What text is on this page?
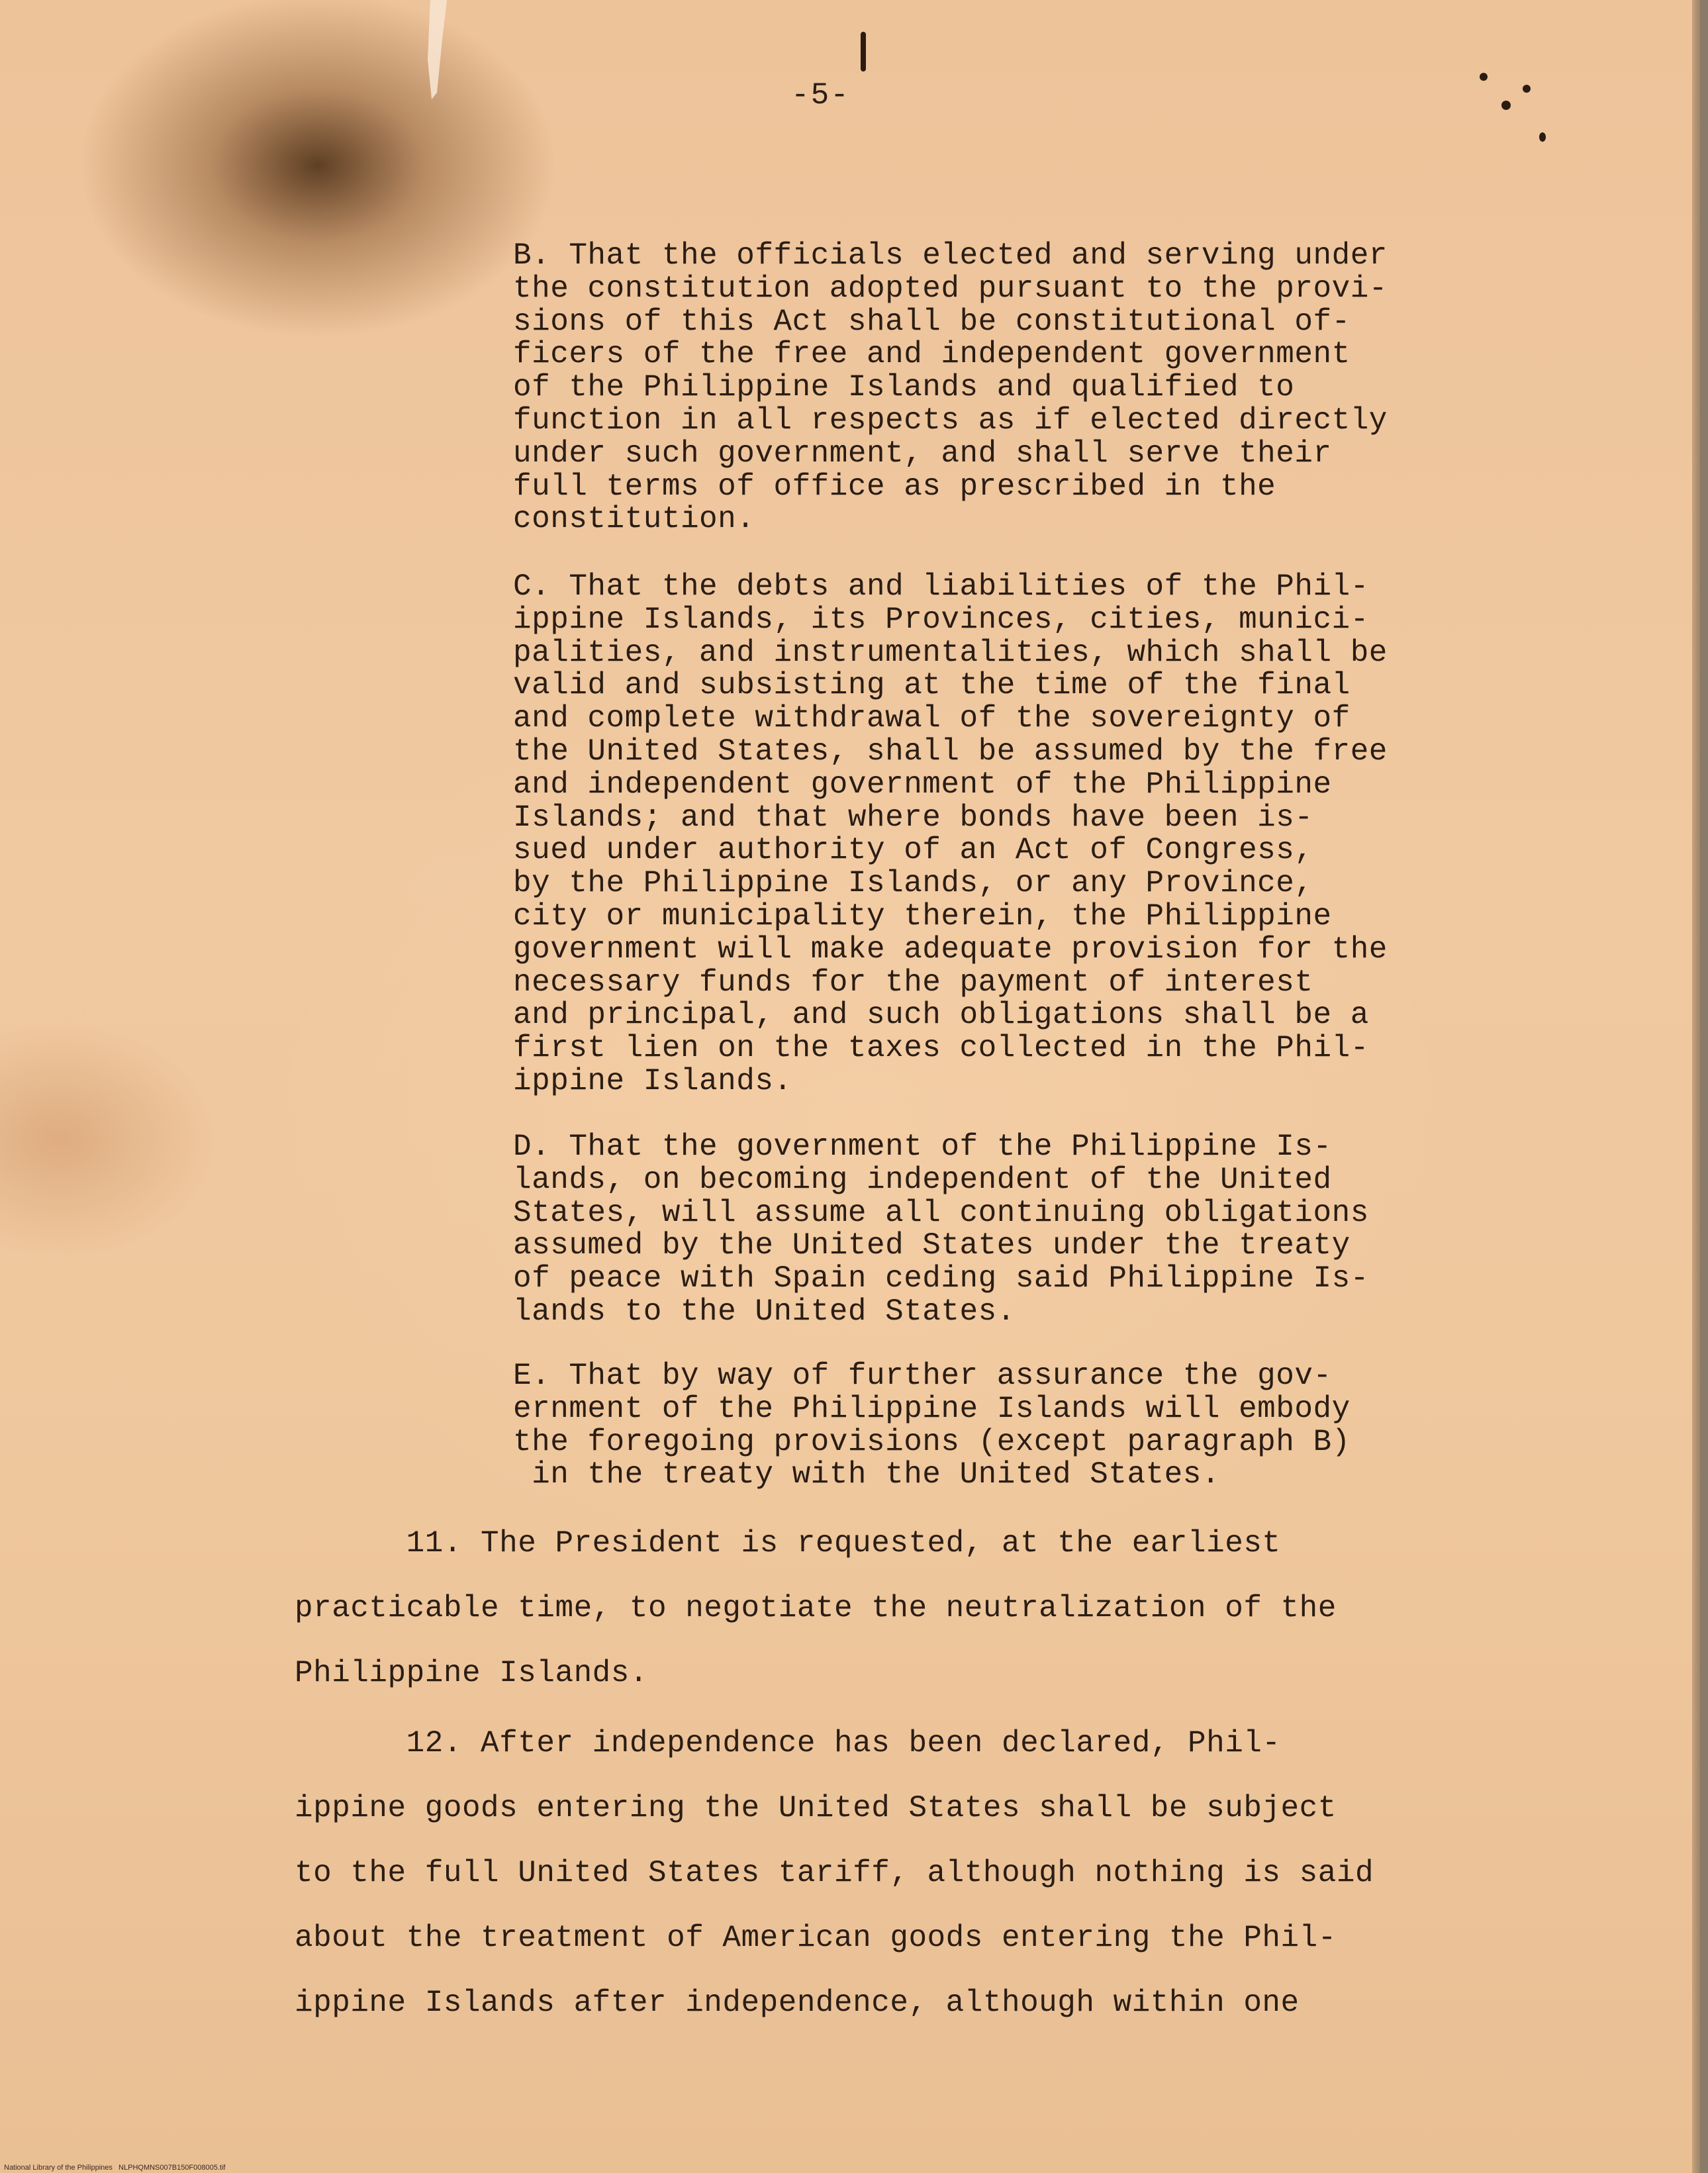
-5-
B. That the officials elected and serving under
the constitution adopted pursuant to the provi-
sions of this Act shall be constitutional of-
ficers of the free and independent government
of the Philippine Islands and qualified to
function in all respects as if elected directly
under such government, and shall serve their
full terms of office as prescribed in the
constitution.
C. That the debts and liabilities of the Phil-
ippine Islands, its Provinces, cities, munici-
palities, and instrumentalities, which shall be
valid and subsisting at the time of the final
and complete withdrawal of the sovereignty of
the United States, shall be assumed by the free
and independent government of the Philippine
Islands; and that where bonds have been is-
sued under authority of an Act of Congress,
by the Philippine Islands, or any Province,
city or municipality therein, the Philippine
government will make adequate provision for the
necessary funds for the payment of interest
and principal, and such obligations shall be a
first lien on the taxes collected in the Phil-
ippine Islands.
D. That the government of the Philippine Is-
lands, on becoming independent of the United
States, will assume all continuing obligations
assumed by the United States under the treaty
of peace with Spain ceding said Philippine Is-
lands to the United States.
E. That by way of further assurance the gov-
ernment of the Philippine Islands will embody
the foregoing provisions (except paragraph B)
in the treaty with the United States.
11. The President is requested, at the earliest
practicable time, to negotiate the neutralization of the
Philippine Islands.
12. After independence has been declared, Phil-
ippine goods entering the United States shall be subject
to the full United States tariff, although nothing is said
about the treatment of American goods entering the Phil-
ippine Islands after independence, although within one
National Library of the Philippines   NLPHQMNS007B150F008005.tif
